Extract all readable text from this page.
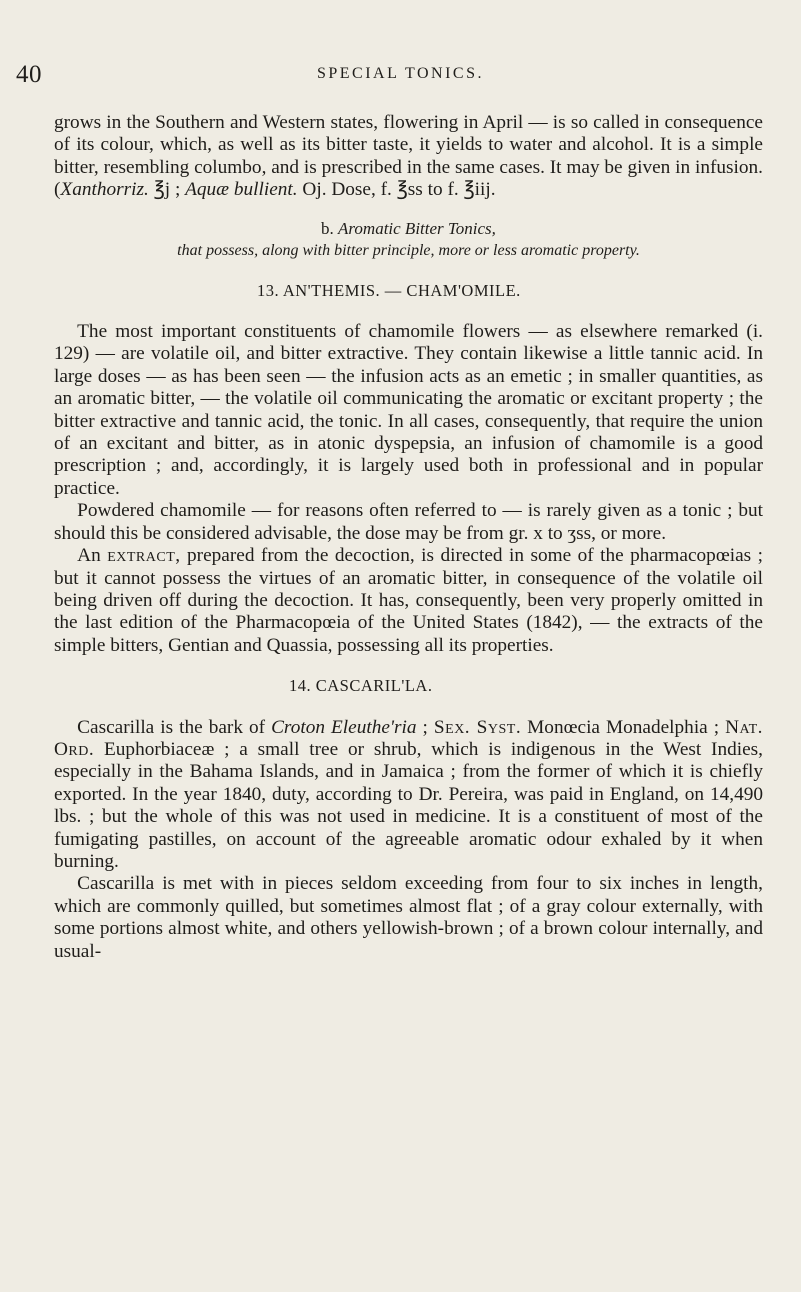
40	SPECIAL TONICS.

grows in the Southern and Western states, flowering in April — is so called in consequence of its colour, which, as well as its bitter taste, it yields to water and alcohol. It is a simple bitter, resembling columbo, and is prescribed in the same cases. It may be given in infusion. (Xanthorriz. ℥j ; Aquæ bullient. Oj. Dose, f. ℥ss to f. ℥iij.

b. Aromatic Bitter Tonics,
that possess, along with bitter principle, more or less aromatic property.
13. AN'THEMIS. — CHAM'OMILE.

The most important constituents of chamomile flowers — as elsewhere remarked (i. 129) — are volatile oil, and bitter extractive. They contain likewise a little tannic acid. In large doses — as has been seen — the infusion acts as an emetic ; in smaller quantities, as an aromatic bitter, — the volatile oil communicating the aromatic or excitant property ; the bitter extractive and tannic acid, the tonic. In all cases, consequently, that require the union of an excitant and bitter, as in atonic dyspepsia, an infusion of chamomile is a good prescription ; and, accordingly, it is largely used both in professional and in popular practice.

Powdered chamomile — for reasons often referred to — is rarely given as a tonic ; but should this be considered advisable, the dose may be from gr. x to ʒss, or more.

An extract, prepared from the decoction, is directed in some of the pharmacopœias ; but it cannot possess the virtues of an aromatic bitter, in consequence of the volatile oil being driven off during the decoction. It has, consequently, been very properly omitted in the last edition of the Pharmacopœia of the United States (1842), — the extracts of the simple bitters, Gentian and Quassia, possessing all its properties.

14. CASCARIL'LA.

Cascarilla is the bark of Croton Eleuthe'ria ; Sex. Syst. Monœcia Monadelphia ; Nat. Ord. Euphorbiaceæ ; a small tree or shrub, which is indigenous in the West Indies, especially in the Bahama Islands, and in Jamaica ; from the former of which it is chiefly exported. In the year 1840, duty, according to Dr. Pereira, was paid in England, on 14,490 lbs. ; but the whole of this was not used in medicine. It is a constituent of most of the fumigating pastilles, on account of the agreeable aromatic odour exhaled by it when burning.

Cascarilla is met with in pieces seldom exceeding from four to six inches in length, which are commonly quilled, but sometimes almost flat ; of a gray colour externally, with some portions almost white, and others yellowish-brown ; of a brown colour internally, and usual-
